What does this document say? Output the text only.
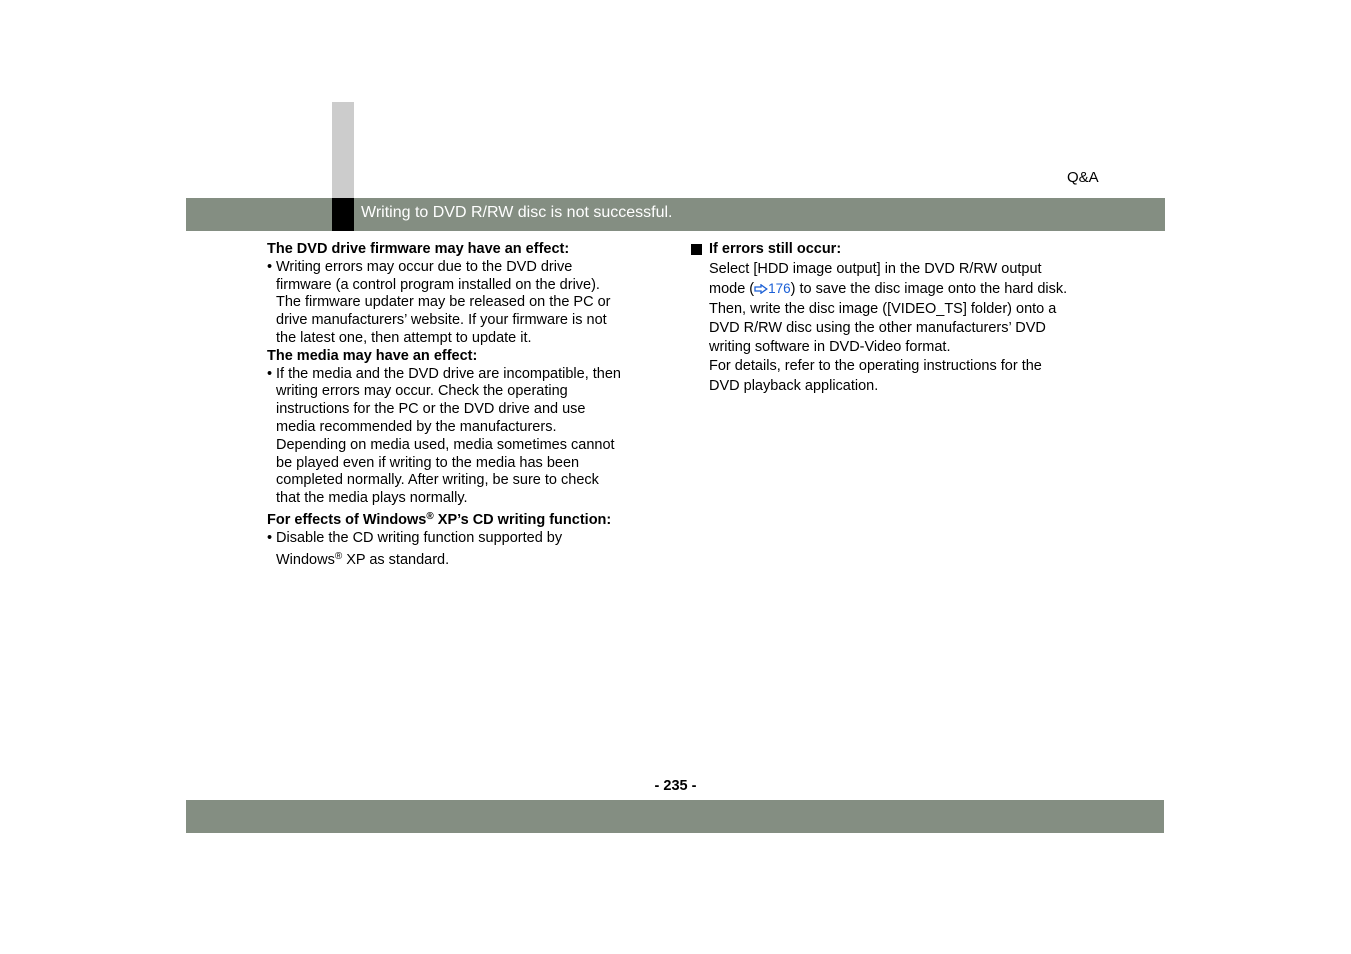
Q&A
Writing to DVD R/RW disc is not successful.

The DVD drive firmware may have an effect:

• Writing errors may occur due to the DVD drive
firmware (a control program installed on the drive).
The firmware updater may be released on the PC or
drive manufacturers’ website. If your firmware is not
the latest one, then attempt to update it.

The media may have an effect:

• If the media and the DVD drive are incompatible, then
writing errors may occur. Check the operating
instructions for the PC or the DVD drive and use
media recommended by the manufacturers.
Depending on media used, media sometimes cannot
be played even if writing to the media has been
completed normally. After writing, be sure to check
that the media plays normally.

For effects of Windows® XP’s CD writing function:

• Disable the CD writing function supported by
Windows® XP as standard.
If errors still occur:
Select [HDD image output] in the DVD R/RW output
mode ( 176) to save the disc image onto the hard disk.
Then, write the disc image ([VIDEO_TS] folder) onto a
DVD R/RW disc using the other manufacturers’ DVD
writing software in DVD-Video format.
For details, refer to the operating instructions for the
DVD playback application.
- 235 -
